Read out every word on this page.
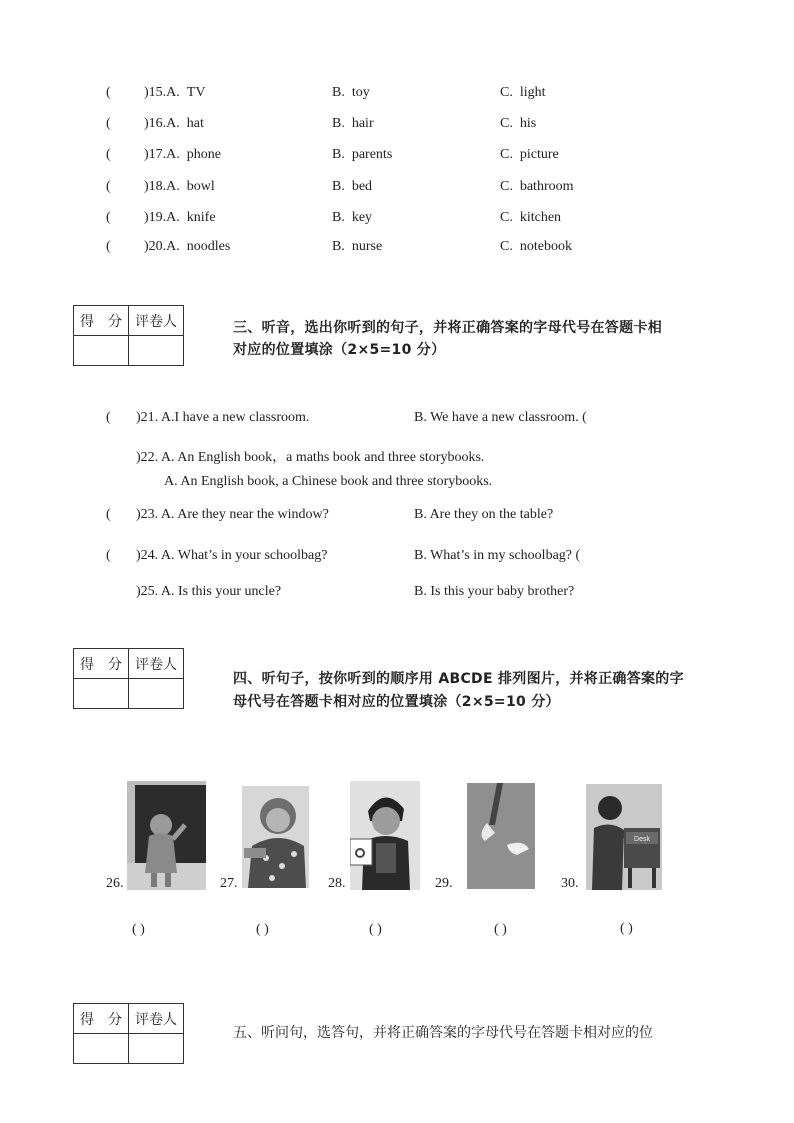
( )15.A.  TV	B.  toy	C.  light
( )16.A.  hat	B.  hair	C.  his
( )17.A.  phone	B.  parents	C.  picture
( )18.A.  bowl	B.  bed	C.  bathroom
( )19.A.  knife	B.  key	C.  kitchen
( )20.A.  noodles	B.  nurse	C.  notebook
得　分	评卷人
		三、听音，选出你听到的句子，并将正确答案的字母代号在答题卡相
对应的位置填涂（2×5=10 分）
( )21. A.I have a new classroom.	B. We have a new classroom. (
)22. A. An English book，a maths book and three storybooks.
A. An English book, a Chinese book and three storybooks.
( )23. A. Are they near the window?	B. Are they on the table?
( )24. A. What’s in your schoolbag?	B. What’s in my schoolbag? (
)25. A. Is this your uncle?	B. Is this your baby brother?
得　分	评卷人

四、听句子，按你听到的顺序用 ABCDE 排列图片，并将正确答案的字
母代号在答题卡相对应的位置填涂（2×5=10 分）
26.
( )
27.
( )
28.
( )
29.
( )
30.
Desk
( )
得　分	评卷人

五、听问句，选答句，并将正确答案的字母代号在答题卡相对应的位
